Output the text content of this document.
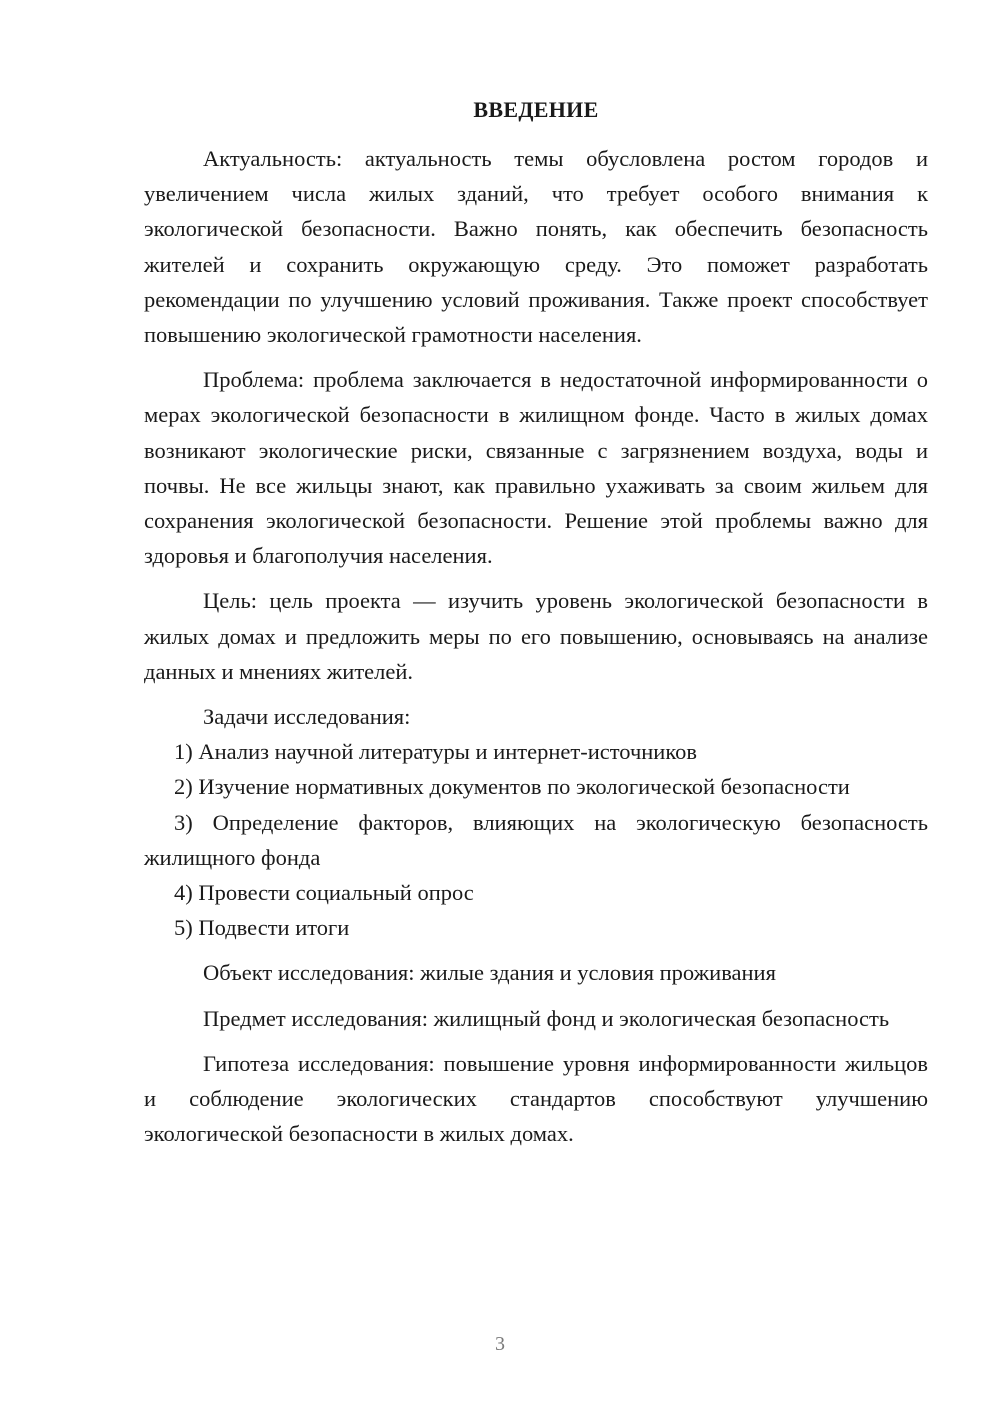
ВВЕДЕНИЕ

Актуальность: актуальность темы обусловлена ростом городов и увеличением числа жилых зданий, что требует особого внимания к экологической безопасности. Важно понять, как обеспечить безопасность жителей и сохранить окружающую среду. Это поможет разработать рекомендации по улучшению условий проживания. Также проект способствует повышению экологической грамотности населения.

Проблема: проблема заключается в недостаточной информированности о мерах экологической безопасности в жилищном фонде. Часто в жилых домах возникают экологические риски, связанные с загрязнением воздуха, воды и почвы. Не все жильцы знают, как правильно ухаживать за своим жильем для сохранения экологической безопасности. Решение этой проблемы важно для здоровья и благополучия населения.

Цель: цель проекта — изучить уровень экологической безопасности в жилых домах и предложить меры по его повышению, основываясь на анализе данных и мнениях жителей.

Задачи исследования:

1) Анализ научной литературы и интернет-источников

2) Изучение нормативных документов по экологической безопасности

3) Определение факторов, влияющих на экологическую безопасность жилищного фонда

4) Провести социальный опрос

5) Подвести итоги

Объект исследования: жилые здания и условия проживания

Предмет исследования: жилищный фонд и экологическая безопасность

Гипотеза исследования: повышение уровня информированности жильцов и соблюдение экологических стандартов способствуют улучшению экологической безопасности в жилых домах.

3
